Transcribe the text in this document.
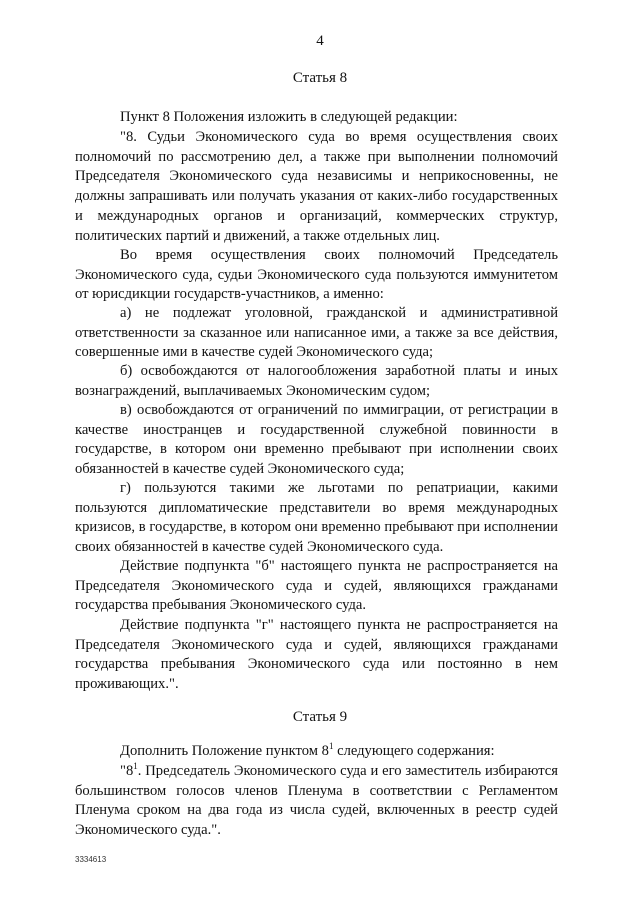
4
Статья 8

Пункт 8 Положения изложить в следующей редакции:

"8. Судьи Экономического суда во время осуществления своих полномочий по рассмотрению дел, а также при выполнении полномочий Председателя Экономического суда независимы и неприкосновенны, не должны запрашивать или получать указания от каких-либо государственных и международных органов и организаций, коммерческих структур, политических партий и движений, а также отдельных лиц.

Во время осуществления своих полномочий Председатель Экономического суда, судьи Экономического суда пользуются иммунитетом от юрисдикции государств-участников, а именно:

а) не подлежат уголовной, гражданской и административной ответственности за сказанное или написанное ими, а также за все действия, совершенные ими в качестве судей Экономического суда;

б) освобождаются от налогообложения заработной платы и иных вознаграждений, выплачиваемых Экономическим судом;

в) освобождаются от ограничений по иммиграции, от регистрации в качестве иностранцев и государственной служебной повинности в государстве, в котором они временно пребывают при исполнении своих обязанностей в качестве судей Экономического суда;

г) пользуются такими же льготами по репатриации, какими пользуются дипломатические представители во время международных кризисов, в государстве, в котором они временно пребывают при исполнении своих обязанностей в качестве судей Экономического суда.

Действие подпункта "б" настоящего пункта не распространяется на Председателя Экономического суда и судей, являющихся гражданами государства пребывания Экономического суда.

Действие подпункта "г" настоящего пункта не распространяется на Председателя Экономического суда и судей, являющихся гражданами государства пребывания Экономического суда или постоянно в нем проживающих.".

Статья 9

Дополнить Положение пунктом $8^1$ следующего содержания:

"$8^1$. Председатель Экономического суда и его заместитель избираются большинством голосов членов Пленума в соответствии с Регламентом Пленума сроком на два года из числа судей, включенных в реестр судей Экономического суда.".

3334613
